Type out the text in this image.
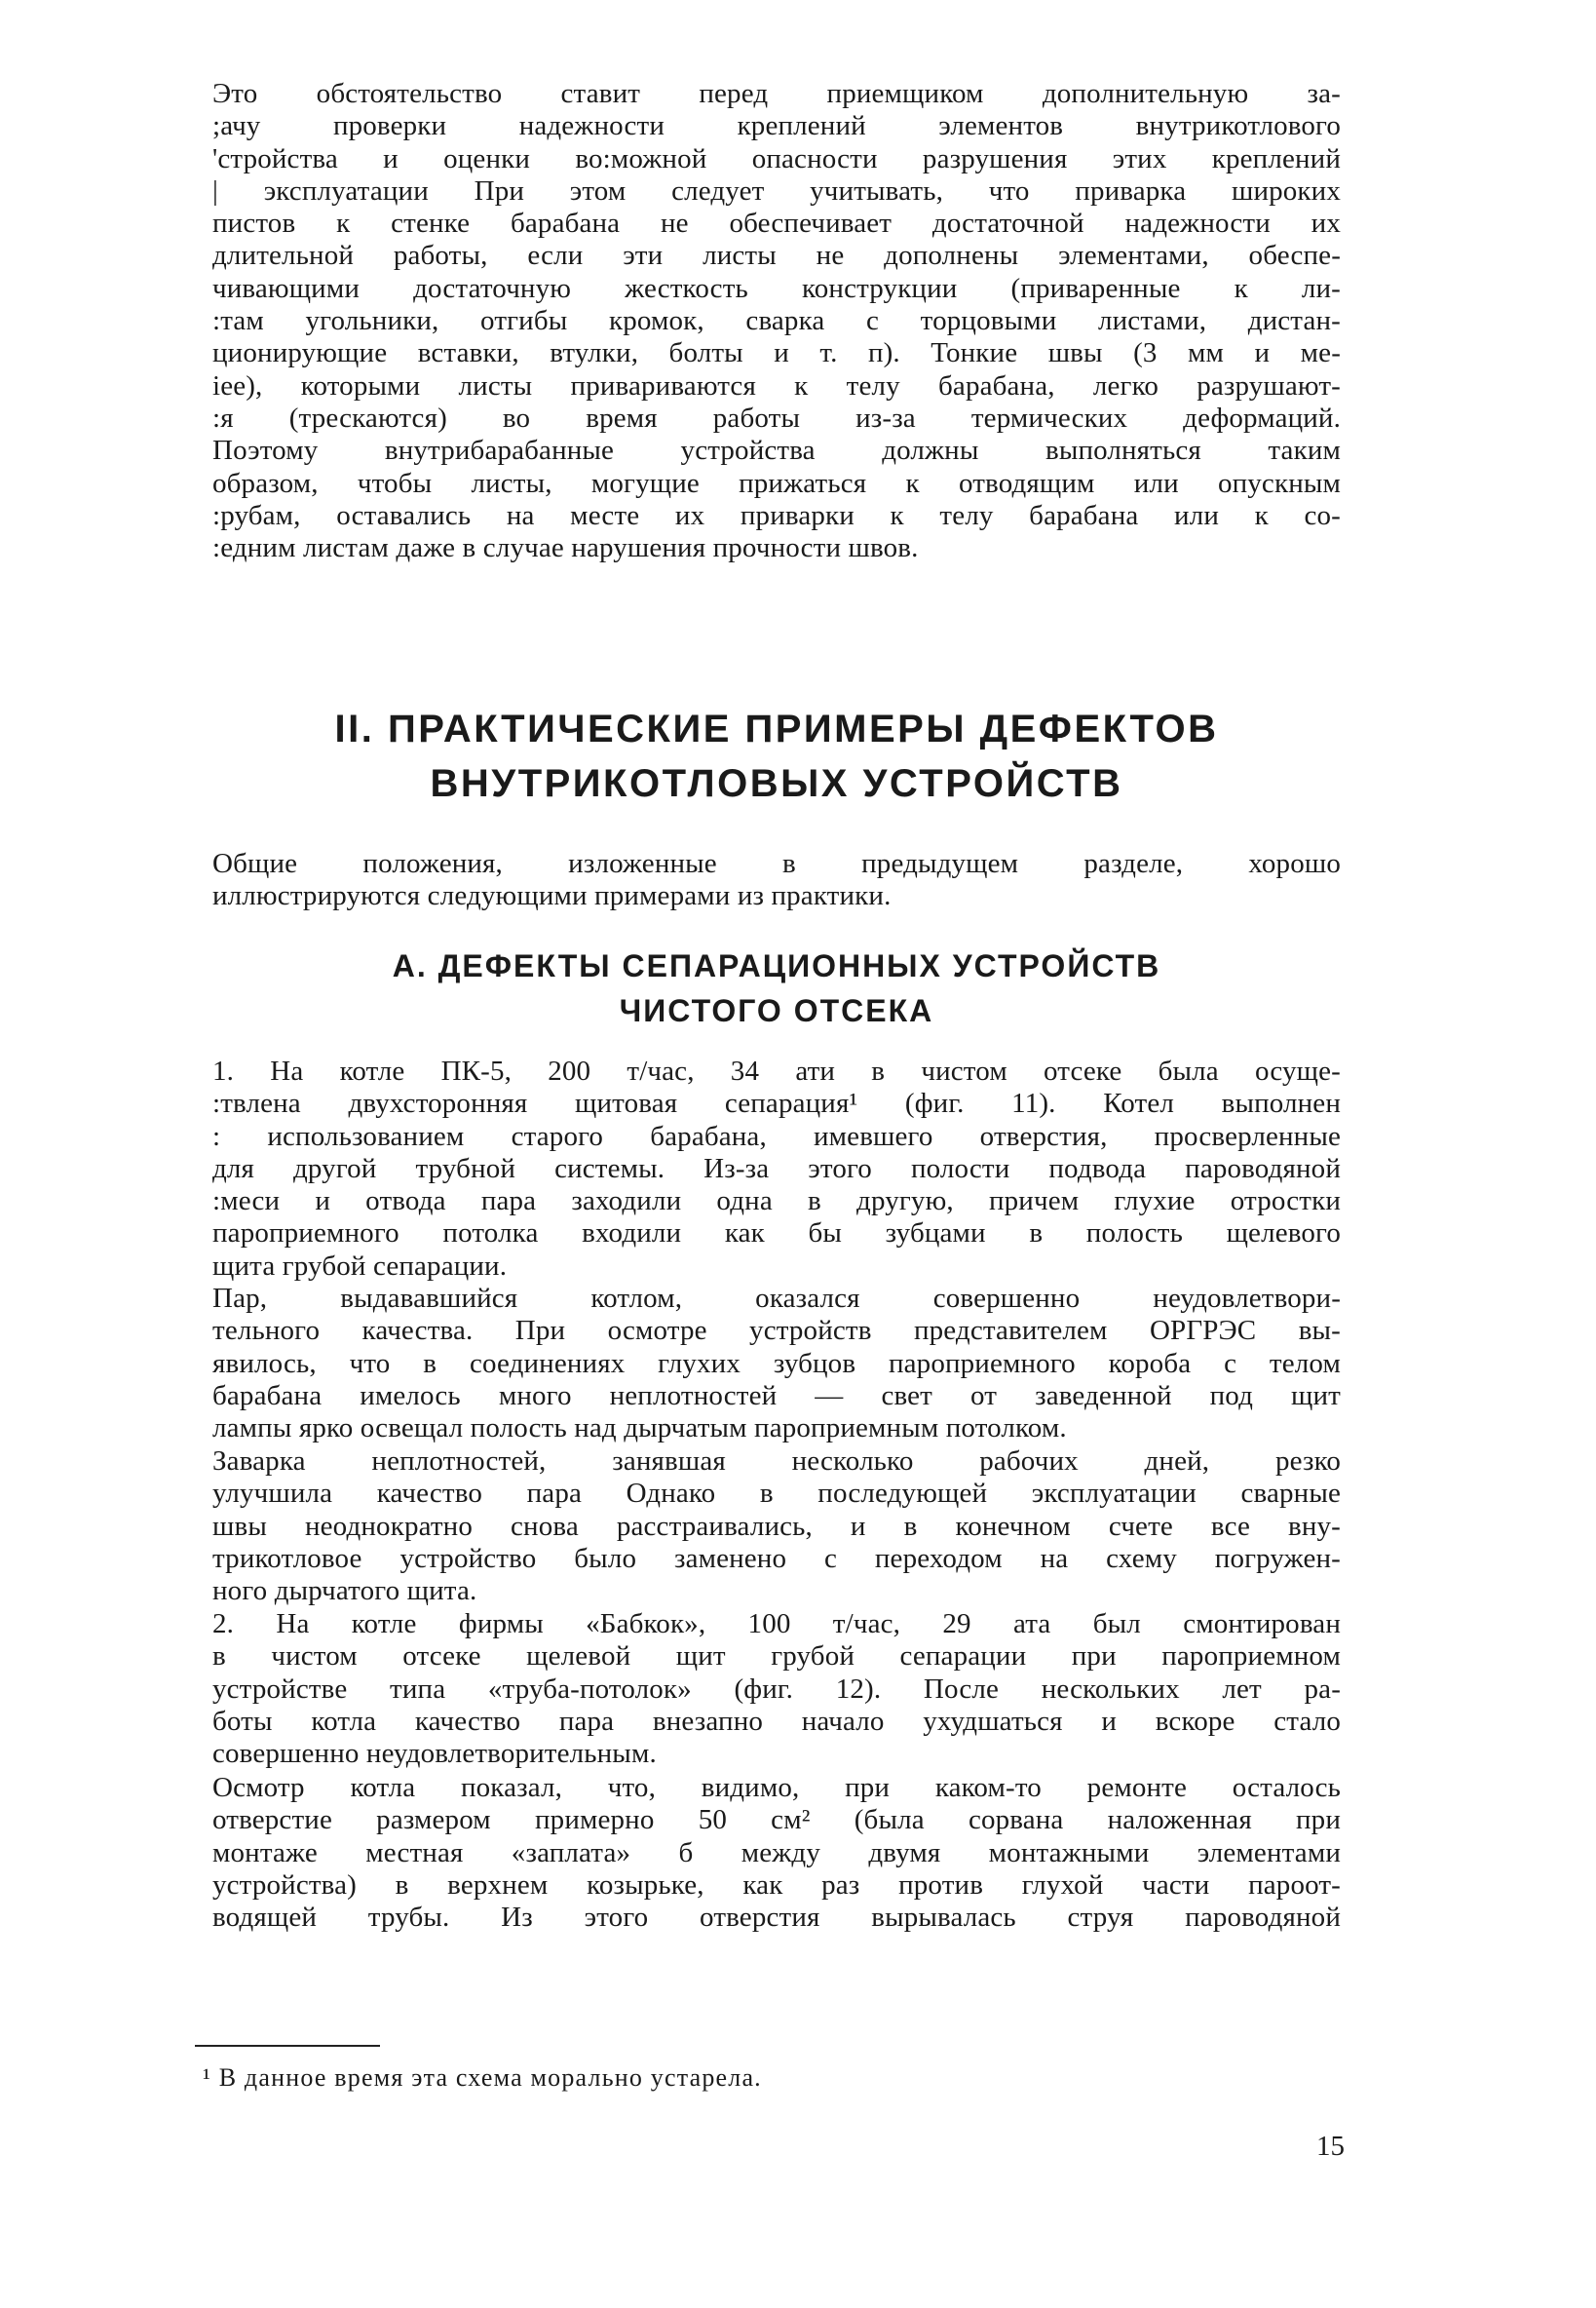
Это обстоятельство ставит перед приемщиком дополнительную за-
;ачу проверки надежности креплений элементов внутрикотлового
'стройства и оценки во:можной опасности разрушения этих креплений
| эксплуатации При этом следует учитывать, что приварка широких
пистов к стенке барабана не обеспечивает достаточной надежности их
длительной работы, если эти листы не дополнены элементами, обеспе-
чивающими достаточную жесткость конструкции (приваренные к ли-
:там угольники, отгибы кромок, сварка с торцовыми листами, дистан-
ционирующие вставки, втулки, болты и т. п). Тонкие швы (3 мм и ме-
iее), которыми листы привариваются к телу барабана, легко разрушают-
:я (трескаются) во время работы из-за термических деформаций.
Поэтому внутрибарабанные устройства должны выполняться таким
образом, чтобы листы, могущие прижаться к отводящим или опускным
:рубам, оставались на месте их приварки к телу барабана или к со-
:едним листам даже в случае нарушения прочности швов.
II. ПРАКТИЧЕСКИЕ ПРИМЕРЫ ДЕФЕКТОВ
ВНУТРИКОТЛОВЫХ УСТРОЙСТВ
Общие положения, изложенные в предыдущем разделе, хорошо
иллюстрируются следующими примерами из практики.
А. ДЕФЕКТЫ СЕПАРАЦИОННЫХ УСТРОЙСТВ
ЧИСТОГО ОТСЕКА
1. На котле ПК-5, 200 т/час, 34 ати в чистом отсеке была осуще-
:твлена двухсторонняя щитовая сепарация¹ (фиг. 11). Котел выполнен
: использованием старого барабана, имевшего отверстия, просверленные
для другой трубной системы. Из-за этого полости подвода пароводяной
:меси и отвода пара заходили одна в другую, причем глухие отростки
пароприемного потолка входили как бы зубцами в полость щелевого
щита грубой сепарации.
Пар, выдававшийся котлом, оказался совершенно неудовлетвори-
тельного качества. При осмотре устройств представителем ОРГРЭС вы-
явилось, что в соединениях глухих зубцов пароприемного короба с телом
барабана имелось много неплотностей — свет от заведенной под щит
лампы ярко освещал полость над дырчатым пароприемным потолком.
Заварка неплотностей, занявшая несколько рабочих дней, резко
улучшила качество пара Однако в последующей эксплуатации сварные
швы неоднократно снова расстраивались, и в конечном счете все вну-
трикотловое устройство было заменено с переходом на схему погружен-
ного дырчатого щита.
2. На котле фирмы «Бабкок», 100 т/час, 29 ата был смонтирован
в чистом отсеке щелевой щит грубой сепарации при пароприемном
устройстве типа «труба-потолок» (фиг. 12). После нескольких лет ра-
боты котла качество пара внезапно начало ухудшаться и вскоре стало
совершенно неудовлетворительным.
Осмотр котла показал, что, видимо, при каком-то ремонте осталось
отверстие размером примерно 50 см² (была сорвана наложенная при
монтаже местная «заплата» б между двумя монтажными элементами
устройства) в верхнем козырьке, как раз против глухой части пароот-
водящей трубы. Из этого отверстия вырывалась струя пароводяной

¹ В данное время эта схема морально устарела.

15
